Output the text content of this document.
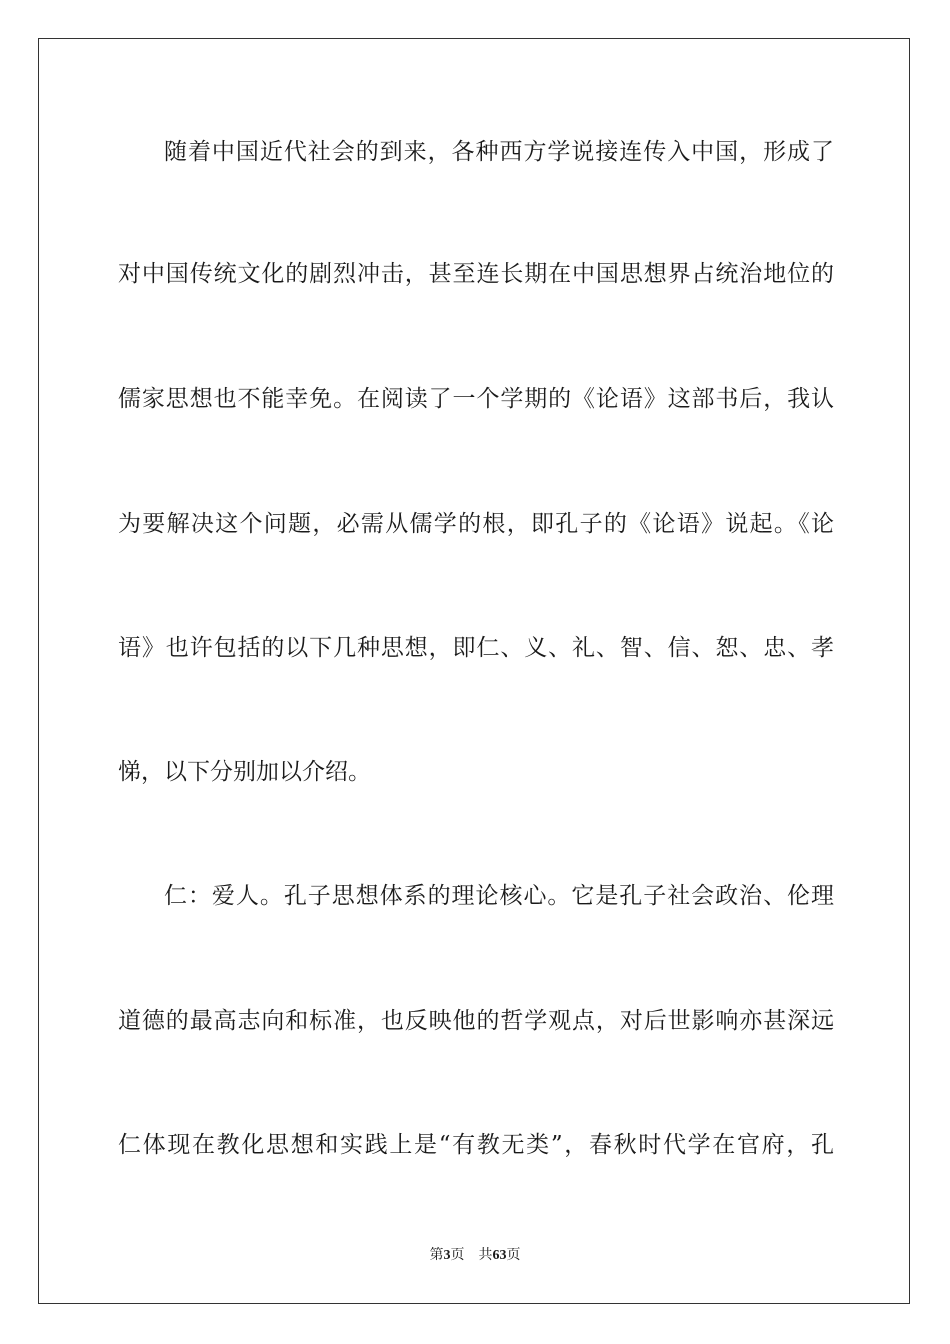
随着中国近代社会的到来，各种西方学说接连传入中国，形成了
对中国传统文化的剧烈冲击，甚至连长期在中国思想界占统治地位的
儒家思想也不能幸免。在阅读了一个学期的《论语》这部书后，我认
为要解决这个问题，必需从儒学的根，即孔子的《论语》说起。《论
语》也许包括的以下几种思想，即仁、义、礼、智、信、恕、忠、孝
悌，以下分别加以介绍。
仁：爱人。孔子思想体系的理论核心。它是孔子社会政治、伦理
道德的最高志向和标准，也反映他的哲学观点，对后世影响亦甚深远
仁体现在教化思想和实践上是“有教无类”，春秋时代学在官府，孔
第3页 共63页
